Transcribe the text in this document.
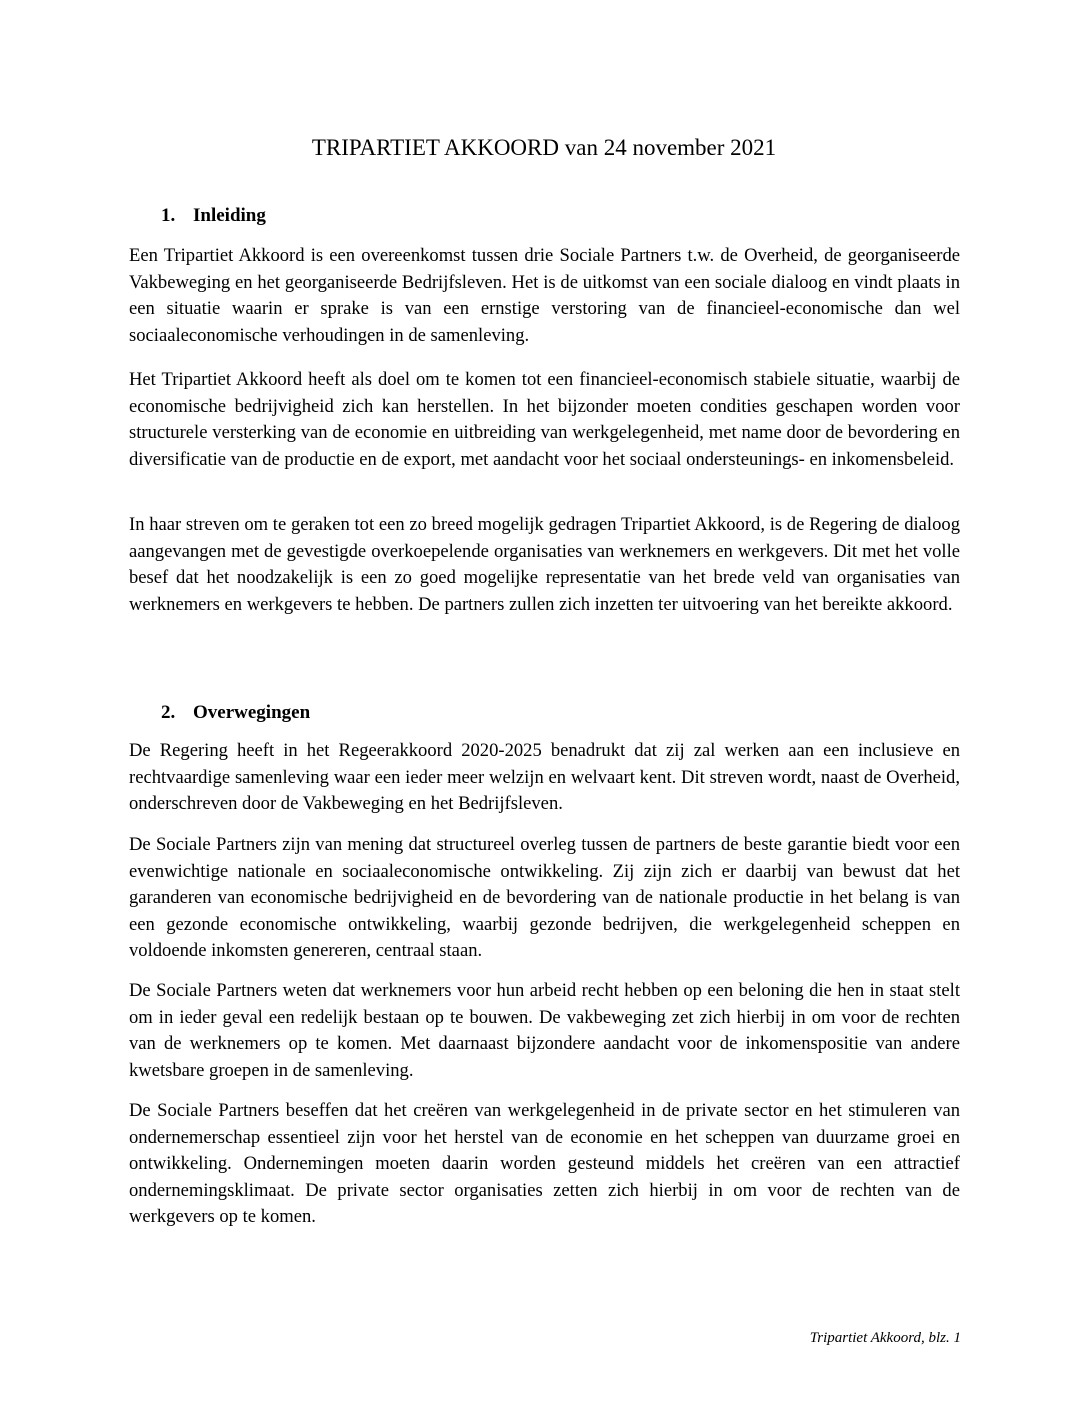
TRIPARTIET AKKOORD van 24 november 2021
1. Inleiding

Een Tripartiet Akkoord is een overeenkomst tussen drie Sociale Partners t.w. de Overheid, de georganiseerde Vakbeweging en het georganiseerde Bedrijfsleven. Het is de uitkomst van een sociale dialoog en vindt plaats in een situatie waarin er sprake is van een ernstige verstoring van de financieel-economische dan wel sociaaleconomische verhoudingen in de samenleving.

Het Tripartiet Akkoord heeft als doel om te komen tot een financieel-economisch stabiele situatie, waarbij de economische bedrijvigheid zich kan herstellen. In het bijzonder moeten condities geschapen worden voor structurele versterking van de economie en uitbreiding van werkgelegenheid, met name door de bevordering en diversificatie van de productie en de export, met aandacht voor het sociaal ondersteunings- en inkomensbeleid.

In haar streven om te geraken tot een zo breed mogelijk gedragen Tripartiet Akkoord, is de Regering de dialoog aangevangen met de gevestigde overkoepelende organisaties van werknemers en werkgevers. Dit met het volle besef dat het noodzakelijk is een zo goed mogelijke representatie van het brede veld van organisaties van werknemers en werkgevers te hebben. De partners zullen zich inzetten ter uitvoering van het bereikte akkoord.

2. Overwegingen

De Regering heeft in het Regeerakkoord 2020-2025 benadrukt dat zij zal werken aan een inclusieve en rechtvaardige samenleving waar een ieder meer welzijn en welvaart kent. Dit streven wordt, naast de Overheid, onderschreven door de Vakbeweging en het Bedrijfsleven.

De Sociale Partners zijn van mening dat structureel overleg tussen de partners de beste garantie biedt voor een evenwichtige nationale en sociaaleconomische ontwikkeling. Zij zijn zich er daarbij van bewust dat het garanderen van economische bedrijvigheid en de bevordering van de nationale productie in het belang is van een gezonde economische ontwikkeling, waarbij gezonde bedrijven, die werkgelegenheid scheppen en voldoende inkomsten genereren, centraal staan.

De Sociale Partners weten dat werknemers voor hun arbeid recht hebben op een beloning die hen in staat stelt om in ieder geval een redelijk bestaan op te bouwen. De vakbeweging zet zich hierbij in om voor de rechten van de werknemers op te komen. Met daarnaast bijzondere aandacht voor de inkomenspositie van andere kwetsbare groepen in de samenleving.

De Sociale Partners beseffen dat het creëren van werkgelegenheid in de private sector en het stimuleren van ondernemerschap essentieel zijn voor het herstel van de economie en het scheppen van duurzame groei en ontwikkeling. Ondernemingen moeten daarin worden gesteund middels het creëren van een attractief ondernemingsklimaat. De private sector organisaties zetten zich hierbij in om voor de rechten van de werkgevers op te komen.

Tripartiet Akkoord, blz. 1
